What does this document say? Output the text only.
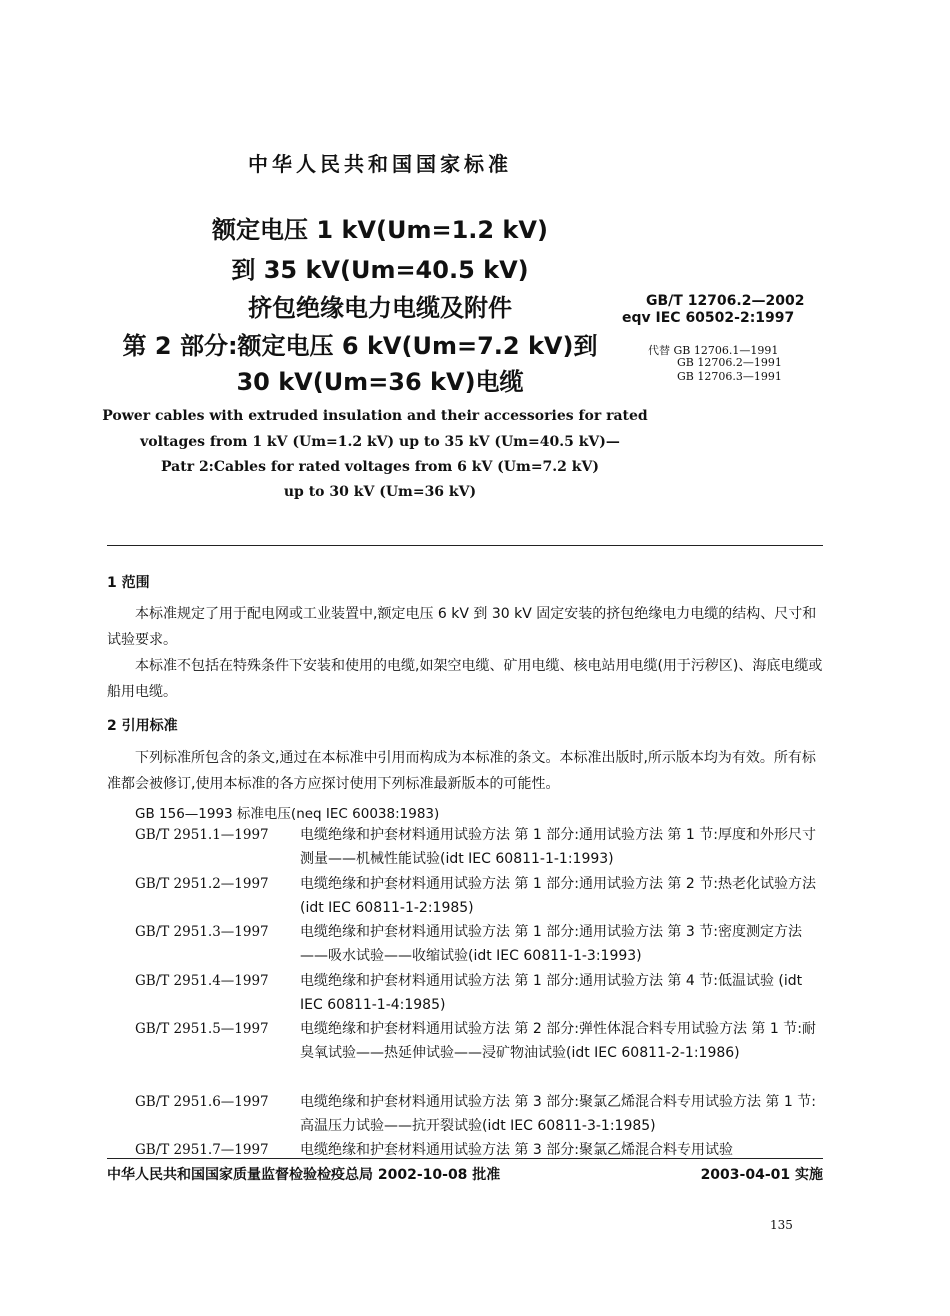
中华人民共和国国家标准
额定电压 1 kV(Um=1.2 kV)
到 35 kV(Um=40.5 kV)
挤包绝缘电力电缆及附件
第 2 部分:额定电压 6 kV(Um=7.2 kV)到
30 kV(Um=36 kV)电缆
GB/T 12706.2—2002
eqv IEC 60502-2:1997
代替 GB 12706.1—1991
GB 12706.2—1991
GB 12706.3—1991
Power cables with extruded insulation and their accessories for rated
voltages from 1 kV (Um=1.2 kV) up to 35 kV (Um=40.5 kV)—
Patr 2:Cables for rated voltages from 6 kV (Um=7.2 kV)
up to 30 kV (Um=36 kV)
1 范围
本标准规定了用于配电网或工业装置中,额定电压 6 kV 到 30 kV 固定安装的挤包绝缘电力电缆的结构、尺寸和试验要求。
本标准不包括在特殊条件下安装和使用的电缆,如架空电缆、矿用电缆、核电站用电缆(用于污秽区)、海底电缆或船用电缆。
2 引用标准
下列标准所包含的条文,通过在本标准中引用而构成为本标准的条文。本标准出版时,所示版本均为有效。所有标准都会被修订,使用本标准的各方应探讨使用下列标准最新版本的可能性。
GB 156—1993 标准电压(neq IEC 60038:1983)
GB/T 2951.1—1997 电缆绝缘和护套材料通用试验方法 第 1 部分:通用试验方法 第 1 节:厚度和外形尺寸测量——机械性能试验(idt IEC 60811-1-1:1993)
GB/T 2951.2—1997 电缆绝缘和护套材料通用试验方法 第 1 部分:通用试验方法 第 2 节:热老化试验方法 (idt IEC 60811-1-2:1985)
GB/T 2951.3—1997 电缆绝缘和护套材料通用试验方法 第 1 部分:通用试验方法 第 3 节:密度测定方法——吸水试验——收缩试验(idt IEC 60811-1-3:1993)
GB/T 2951.4—1997 电缆绝缘和护套材料通用试验方法 第 1 部分:通用试验方法 第 4 节:低温试验 (idt IEC 60811-1-4:1985)
GB/T 2951.5—1997 电缆绝缘和护套材料通用试验方法 第 2 部分:弹性体混合料专用试验方法 第 1 节:耐臭氧试验——热延伸试验——浸矿物油试验(idt IEC 60811-2-1:1986)
GB/T 2951.6—1997 电缆绝缘和护套材料通用试验方法 第 3 部分:聚氯乙烯混合料专用试验方法 第 1 节:高温压力试验——抗开裂试验(idt IEC 60811-3-1:1985)
GB/T 2951.7—1997 电缆绝缘和护套材料通用试验方法 第 3 部分:聚氯乙烯混合料专用试验
中华人民共和国国家质量监督检验检疫总局 2002-10-08 批准	2003-04-01 实施
135
